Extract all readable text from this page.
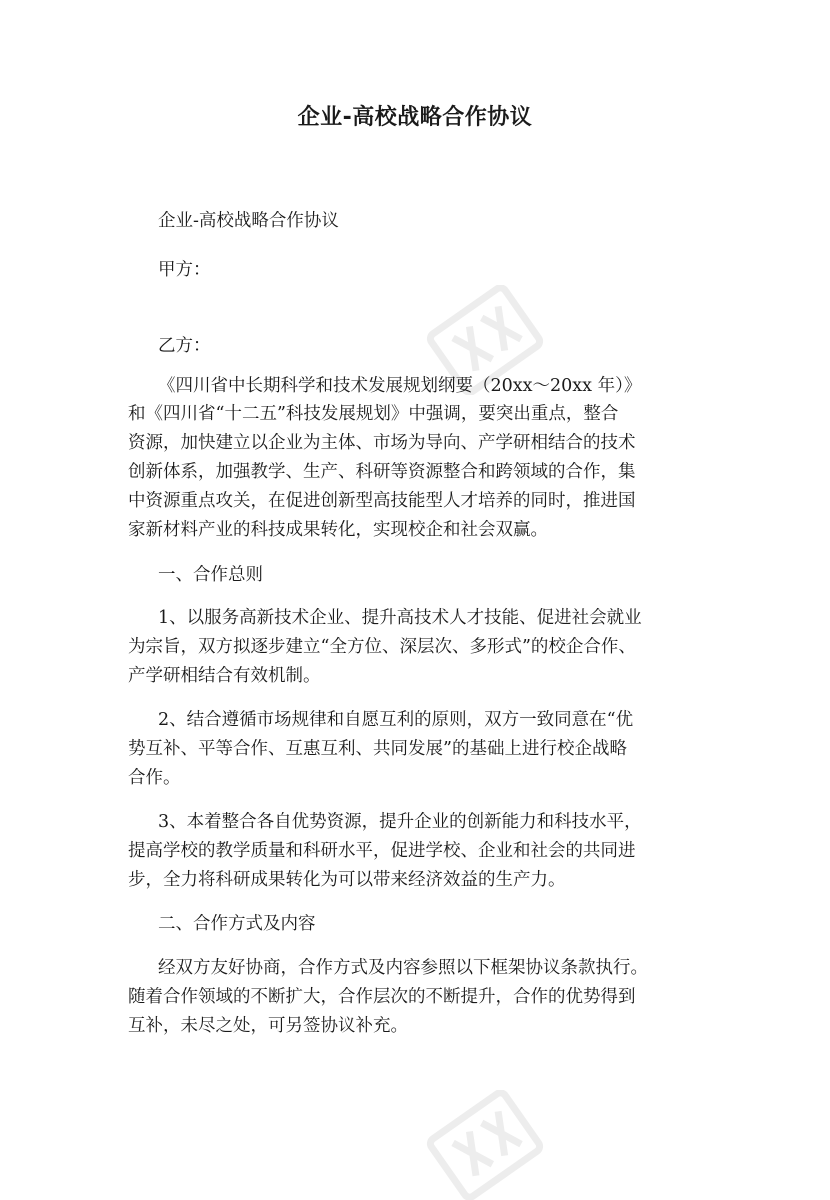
企业-高校战略合作协议
企业-高校战略合作协议
甲方：
乙方：
《四川省中长期科学和技术发展规划纲要（20xx～20xx 年）》
和《四川省“十二五”科技发展规划》中强调，要突出重点，整合
资源，加快建立以企业为主体、市场为导向、产学研相结合的技术
创新体系，加强教学、生产、科研等资源整合和跨领域的合作，集
中资源重点攻关，在促进创新型高技能型人才培养的同时，推进国
家新材料产业的科技成果转化，实现校企和社会双赢。
一、合作总则
1、以服务高新技术企业、提升高技术人才技能、促进社会就业
为宗旨，双方拟逐步建立“全方位、深层次、多形式”的校企合作、
产学研相结合有效机制。
2、结合遵循市场规律和自愿互利的原则，双方一致同意在“优
势互补、平等合作、互惠互利、共同发展”的基础上进行校企战略
合作。
3、本着整合各自优势资源，提升企业的创新能力和科技水平，
提高学校的教学质量和科研水平，促进学校、企业和社会的共同进
步，全力将科研成果转化为可以带来经济效益的生产力。
二、合作方式及内容
经双方友好协商，合作方式及内容参照以下框架协议条款执行。
随着合作领域的不断扩大，合作层次的不断提升，合作的优势得到
互补，未尽之处，可另签协议补充。
